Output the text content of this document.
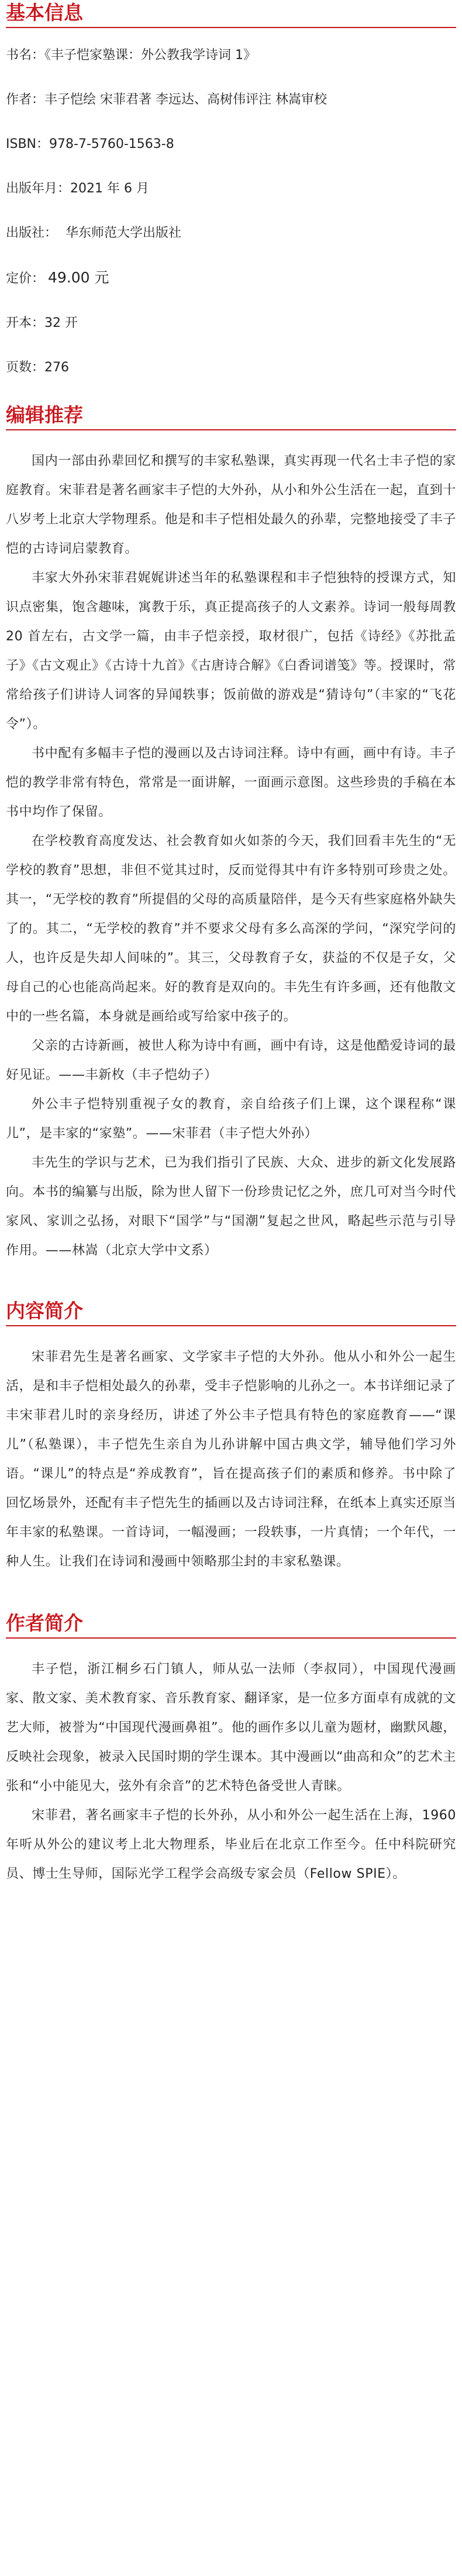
基本信息
书名：《丰子恺家塾课：外公教我学诗词 1》
作者：丰子恺绘 宋菲君著 李远达、高树伟评注 林嵩审校
ISBN：978-7-5760-1563-8
出版年月：2021 年 6 月
出版社：  华东师范大学出版社
定价： 49.00 元
开本：32 开
页数：276
编辑推荐

国内一部由孙辈回忆和撰写的丰家私塾课，真实再现一代名士丰子恺的家庭教育。宋菲君是著名画家丰子恺的大外孙，从小和外公生活在一起，直到十八岁考上北京大学物理系。他是和丰子恺相处最久的孙辈，完整地接受了丰子恺的古诗词启蒙教育。

丰家大外孙宋菲君娓娓讲述当年的私塾课程和丰子恺独特的授课方式，知识点密集，饱含趣味，寓教于乐，真正提高孩子的人文素养。诗词一般每周教 20 首左右，古文学一篇，由丰子恺亲授，取材很广，包括《诗经》《苏批孟子》《古文观止》《古诗十九首》《古唐诗合解》《白香词谱笺》等。授课时，常常给孩子们讲诗人词客的异闻轶事；饭前做的游戏是“猜诗句”（丰家的“飞花令”）。

书中配有多幅丰子恺的漫画以及古诗词注释。诗中有画，画中有诗。丰子恺的教学非常有特色，常常是一面讲解，一面画示意图。这些珍贵的手稿在本书中均作了保留。

在学校教育高度发达、社会教育如火如荼的今天，我们回看丰先生的“无学校的教育”思想，非但不觉其过时，反而觉得其中有许多特别可珍贵之处。其一，“无学校的教育”所提倡的父母的高质量陪伴，是今天有些家庭格外缺失了的。其二，“无学校的教育”并不要求父母有多么高深的学问，“深究学问的人，也许反是失却人间味的”。其三，父母教育子女，获益的不仅是子女，父母自己的心也能高尚起来。好的教育是双向的。丰先生有许多画，还有他散文中的一些名篇，本身就是画给或写给家中孩子的。

父亲的古诗新画，被世人称为诗中有画，画中有诗，这是他酷爱诗词的最好见证。——丰新枚（丰子恺幼子）

外公丰子恺特别重视子女的教育，亲自给孩子们上课，这个课程称“课儿”，是丰家的“家塾”。——宋菲君（丰子恺大外孙）

丰先生的学识与艺术，已为我们指引了民族、大众、进步的新文化发展路向。本书的编纂与出版，除为世人留下一份珍贵记忆之外，庶几可对当今时代家风、家训之弘扬，对眼下“国学”与“国潮”复起之世风，略起些示范与引导作用。——林嵩（北京大学中文系）

内容简介

宋菲君先生是著名画家、文学家丰子恺的大外孙。他从小和外公一起生活，是和丰子恺相处最久的孙辈，受丰子恺影响的儿孙之一。本书详细记录了丰宋菲君儿时的亲身经历，讲述了外公丰子恺具有特色的家庭教育——“课儿”（私塾课），丰子恺先生亲自为儿孙讲解中国古典文学，辅导他们学习外语。“课儿”的特点是“养成教育”，旨在提高孩子们的素质和修养。书中除了回忆场景外，还配有丰子恺先生的插画以及古诗词注释，在纸本上真实还原当年丰家的私塾课。一首诗词，一幅漫画；一段轶事，一片真情；一个年代，一种人生。让我们在诗词和漫画中领略那尘封的丰家私塾课。

作者简介

丰子恺，浙江桐乡石门镇人，师从弘一法师（李叔同），中国现代漫画家、散文家、美术教育家、音乐教育家、翻译家，是一位多方面卓有成就的文艺大师，被誉为“中国现代漫画鼻祖”。他的画作多以儿童为题材，幽默风趣，反映社会现象，被录入民国时期的学生课本。其中漫画以“曲高和众”的艺术主张和“小中能见大，弦外有余音”的艺术特色备受世人青睐。

宋菲君，著名画家丰子恺的长外孙，从小和外公一起生活在上海，1960 年听从外公的建议考上北大物理系，毕业后在北京工作至今。任中科院研究员、博士生导师，国际光学工程学会高级专家会员（Fellow SPIE）。
